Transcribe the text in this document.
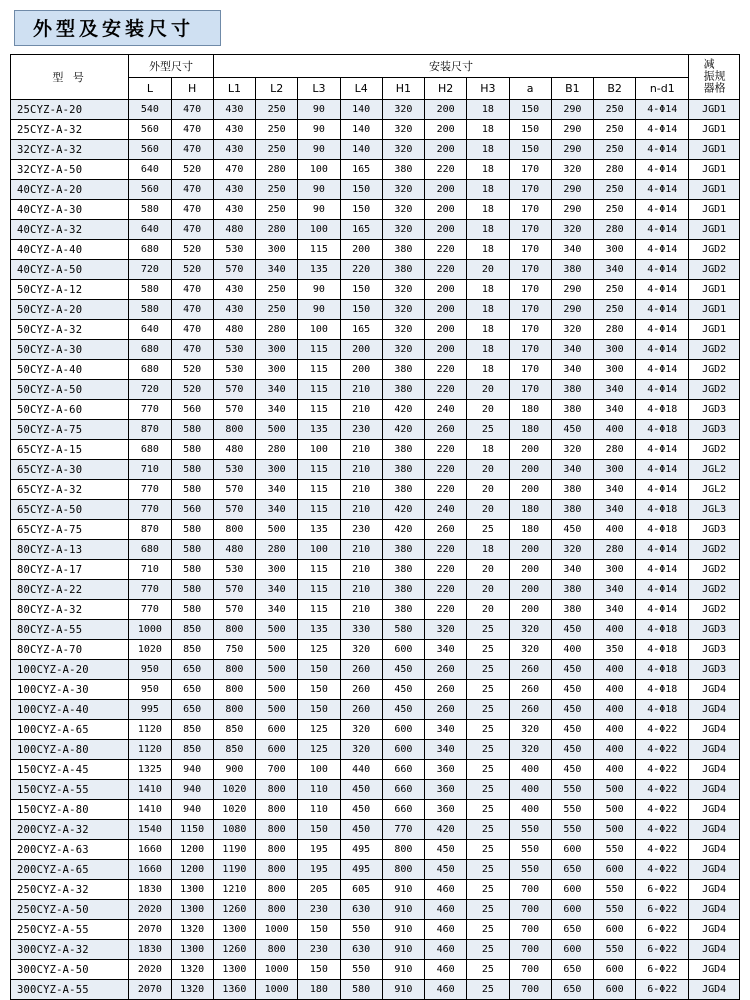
外型及安装尺寸
型 号	外型尺寸		安装尺寸											减振器规格
	L	H	L1	L2	L3	L4	H1	H2	H3	a	B1	B2	n-d1	
25CYZ-A-20	540	470	430	250	90	140	320	200	18	150	290	250	4-Φ14	JGD1
25CYZ-A-32	560	470	430	250	90	140	320	200	18	150	290	250	4-Φ14	JGD1
32CYZ-A-32	560	470	430	250	90	140	320	200	18	150	290	250	4-Φ14	JGD1
32CYZ-A-50	640	520	470	280	100	165	380	220	18	170	320	280	4-Φ14	JGD1
40CYZ-A-20	560	470	430	250	90	150	320	200	18	170	290	250	4-Φ14	JGD1
40CYZ-A-30	580	470	430	250	90	150	320	200	18	170	290	250	4-Φ14	JGD1
40CYZ-A-32	640	470	480	280	100	165	320	200	18	170	320	280	4-Φ14	JGD1
40CYZ-A-40	680	520	530	300	115	200	380	220	18	170	340	300	4-Φ14	JGD2
40CYZ-A-50	720	520	570	340	135	220	380	220	20	170	380	340	4-Φ14	JGD2
50CYZ-A-12	580	470	430	250	90	150	320	200	18	170	290	250	4-Φ14	JGD1
50CYZ-A-20	580	470	430	250	90	150	320	200	18	170	290	250	4-Φ14	JGD1
50CYZ-A-32	640	470	480	280	100	165	320	200	18	170	320	280	4-Φ14	JGD1
50CYZ-A-30	680	470	530	300	115	200	320	200	18	170	340	300	4-Φ14	JGD2
50CYZ-A-40	680	520	530	300	115	200	380	220	18	170	340	300	4-Φ14	JGD2
50CYZ-A-50	720	520	570	340	115	210	380	220	20	170	380	340	4-Φ14	JGD2
50CYZ-A-60	770	560	570	340	115	210	420	240	20	180	380	340	4-Φ18	JGD3
50CYZ-A-75	870	580	800	500	135	230	420	260	25	180	450	400	4-Φ18	JGD3
65CYZ-A-15	680	580	480	280	100	210	380	220	18	200	320	280	4-Φ14	JGD2
65CYZ-A-30	710	580	530	300	115	210	380	220	20	200	340	300	4-Φ14	JGL2
65CYZ-A-32	770	580	570	340	115	210	380	220	20	200	380	340	4-Φ14	JGL2
65CYZ-A-50	770	560	570	340	115	210	420	240	20	180	380	340	4-Φ18	JGL3
65CYZ-A-75	870	580	800	500	135	230	420	260	25	180	450	400	4-Φ18	JGD3
80CYZ-A-13	680	580	480	280	100	210	380	220	18	200	320	280	4-Φ14	JGD2
80CYZ-A-17	710	580	530	300	115	210	380	220	20	200	340	300	4-Φ14	JGD2
80CYZ-A-22	770	580	570	340	115	210	380	220	20	200	380	340	4-Φ14	JGD2
80CYZ-A-32	770	580	570	340	115	210	380	220	20	200	380	340	4-Φ14	JGD2
80CYZ-A-55	1000	850	800	500	135	330	580	320	25	320	450	400	4-Φ18	JGD3
80CYZ-A-70	1020	850	750	500	125	320	600	340	25	320	400	350	4-Φ18	JGD3
100CYZ-A-20	950	650	800	500	150	260	450	260	25	260	450	400	4-Φ18	JGD3
100CYZ-A-30	950	650	800	500	150	260	450	260	25	260	450	400	4-Φ18	JGD4
100CYZ-A-40	995	650	800	500	150	260	450	260	25	260	450	400	4-Φ18	JGD4
100CYZ-A-65	1120	850	850	600	125	320	600	340	25	320	450	400	4-Φ22	JGD4
100CYZ-A-80	1120	850	850	600	125	320	600	340	25	320	450	400	4-Φ22	JGD4
150CYZ-A-45	1325	940	900	700	100	440	660	360	25	400	450	400	4-Φ22	JGD4
150CYZ-A-55	1410	940	1020	800	110	450	660	360	25	400	550	500	4-Φ22	JGD4
150CYZ-A-80	1410	940	1020	800	110	450	660	360	25	400	550	500	4-Φ22	JGD4
200CYZ-A-32	1540	1150	1080	800	150	450	770	420	25	550	550	500	4-Φ22	JGD4
200CYZ-A-63	1660	1200	1190	800	195	495	800	450	25	550	600	550	4-Φ22	JGD4
200CYZ-A-65	1660	1200	1190	800	195	495	800	450	25	550	650	600	4-Φ22	JGD4
250CYZ-A-32	1830	1300	1210	800	205	605	910	460	25	700	600	550	6-Φ22	JGD4
250CYZ-A-50	2020	1300	1260	800	230	630	910	460	25	700	600	550	6-Φ22	JGD4
250CYZ-A-55	2070	1320	1300	1000	150	550	910	460	25	700	650	600	6-Φ22	JGD4
300CYZ-A-32	1830	1300	1260	800	230	630	910	460	25	700	600	550	6-Φ22	JGD4
300CYZ-A-50	2020	1320	1300	1000	150	550	910	460	25	700	650	600	6-Φ22	JGD4
300CYZ-A-55	2070	1320	1360	1000	180	580	910	460	25	700	650	600	6-Φ22	JGD4
